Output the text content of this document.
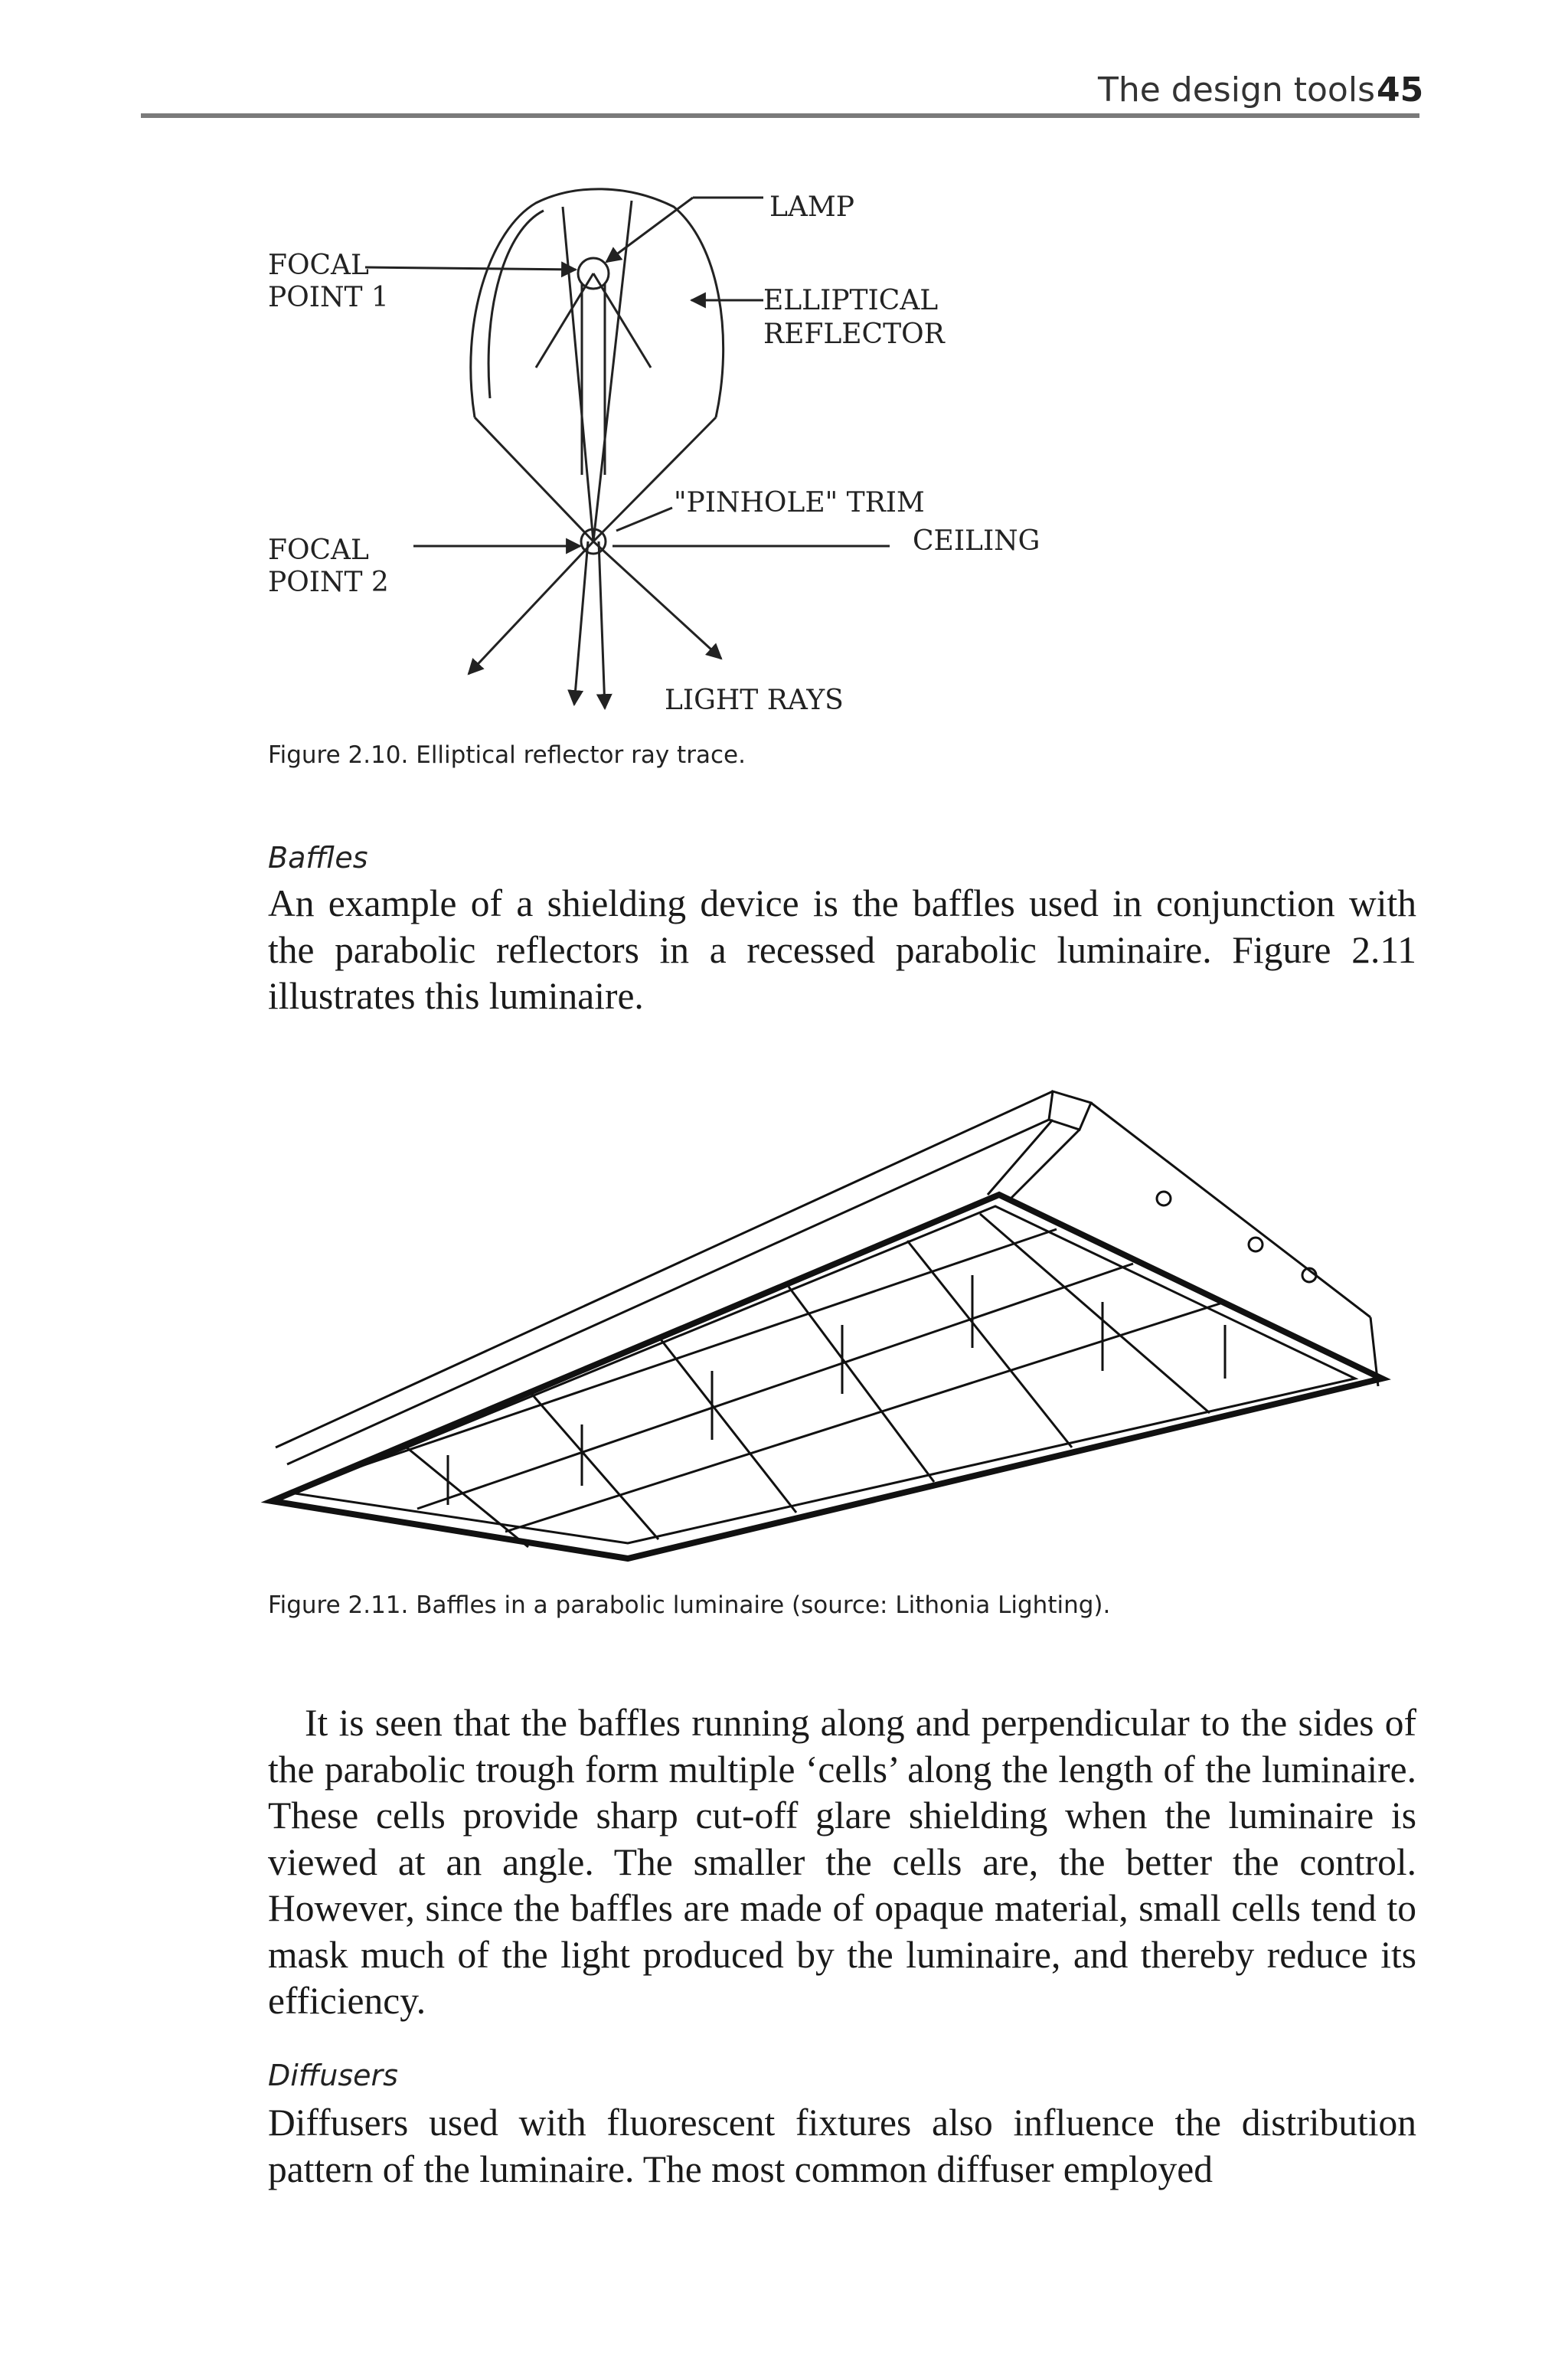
The design tools 45
LAMP
FOCAL
POINT 1	ELLIPTICAL
REFLECTOR
"PINHOLE" TRIM
CEILING
FOCAL
POINT 2
LIGHT RAYS
Figure 2.10. Elliptical reflector ray trace.
Baffles
An example of a shielding device is the baffles used in conjunction with the parabolic reflectors in a recessed parabolic luminaire. Figure 2.11 illustrates this luminaire.
Figure 2.11. Baffles in a parabolic luminaire (source: Lithonia Lighting).
It is seen that the baffles running along and perpendicular to the sides of the parabolic trough form multiple ‘cells’ along the length of the luminaire. These cells provide sharp cut-off glare shielding when the luminaire is viewed at an angle. The smaller the cells are, the better the control. However, since the baffles are made of opaque material, small cells tend to mask much of the light produced by the luminaire, and thereby reduce its efficiency.
Diffusers
Diffusers used with fluorescent fixtures also influence the distribution pattern of the luminaire. The most common diffuser employed
